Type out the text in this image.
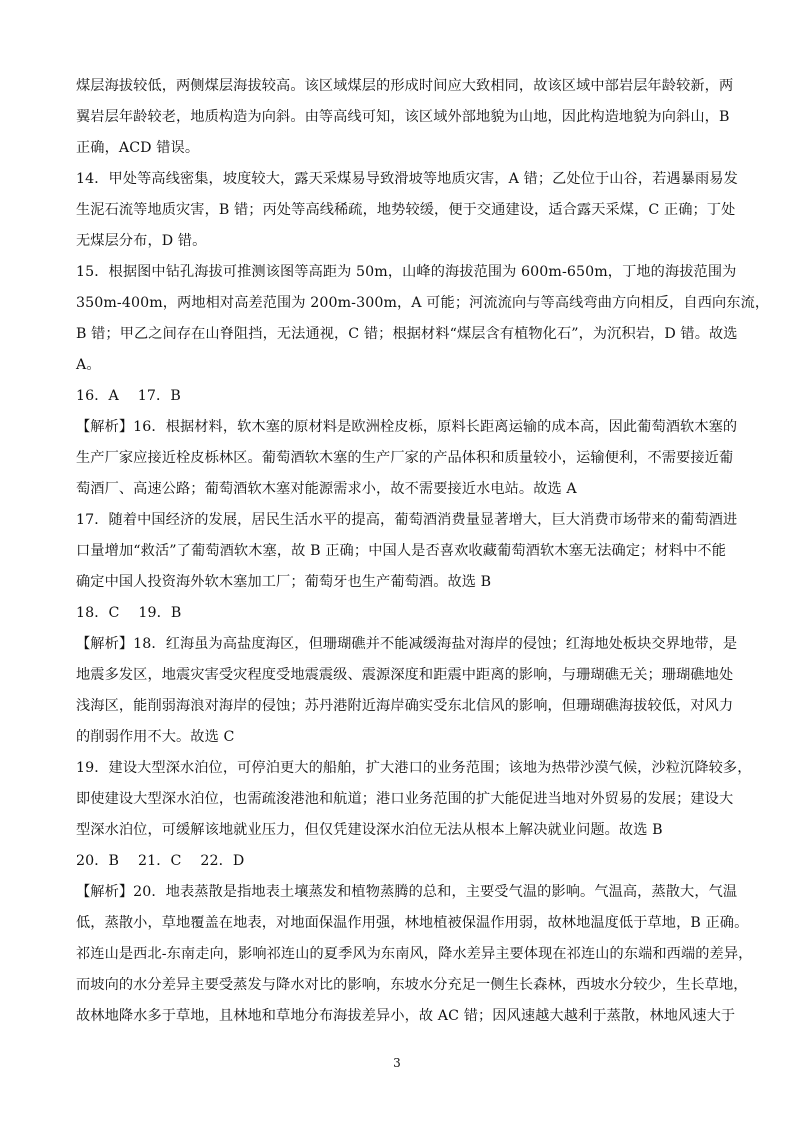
煤层海拔较低，两侧煤层海拔较高。该区域煤层的形成时间应大致相同，故该区域中部岩层年龄较新，两
翼岩层年龄较老，地质构造为向斜。由等高线可知，该区域外部地貌为山地，因此构造地貌为向斜山，B
正确，ACD 错误。
14．甲处等高线密集，坡度较大，露天采煤易导致滑坡等地质灾害，A 错；乙处位于山谷，若遇暴雨易发
生泥石流等地质灾害，B 错；丙处等高线稀疏，地势较缓，便于交通建设，适合露天采煤，C 正确；丁处
无煤层分布，D 错。
15．根据图中钻孔海拔可推测该图等高距为 50m，山峰的海拔范围为 600m-650m，丁地的海拔范围为
350m-400m，两地相对高差范围为 200m-300m，A 可能；河流流向与等高线弯曲方向相反，自西向东流，
B 错；甲乙之间存在山脊阻挡，无法通视，C 错；根据材料“煤层含有植物化石”，为沉积岩，D 错。故选
A。
16．A　 17．B
【解析】16．根据材料，软木塞的原材料是欧洲栓皮栎，原料长距离运输的成本高，因此葡萄酒软木塞的
生产厂家应接近栓皮栎林区。葡萄酒软木塞的生产厂家的产品体积和质量较小，运输便利，不需要接近葡
萄酒厂、高速公路；葡萄酒软木塞对能源需求小，故不需要接近水电站。故选 A
17．随着中国经济的发展，居民生活水平的提高，葡萄酒消费量显著增大，巨大消费市场带来的葡萄酒进
口量增加“救活”了葡萄酒软木塞，故 B 正确；中国人是否喜欢收藏葡萄酒软木塞无法确定；材料中不能
确定中国人投资海外软木塞加工厂；葡萄牙也生产葡萄酒。故选 B
18．C　 19．B
【解析】18．红海虽为高盐度海区，但珊瑚礁并不能减缓海盐对海岸的侵蚀；红海地处板块交界地带，是
地震多发区，地震灾害受灾程度受地震震级、震源深度和距震中距离的影响，与珊瑚礁无关；珊瑚礁地处
浅海区，能削弱海浪对海岸的侵蚀；苏丹港附近海岸确实受东北信风的影响，但珊瑚礁海拔较低，对风力
的削弱作用不大。故选 C
19．建设大型深水泊位，可停泊更大的船舶，扩大港口的业务范围；该地为热带沙漠气候，沙粒沉降较多，
即使建设大型深水泊位，也需疏浚港池和航道；港口业务范围的扩大能促进当地对外贸易的发展；建设大
型深水泊位，可缓解该地就业压力，但仅凭建设深水泊位无法从根本上解决就业问题。故选 B
20．B　 21．C　 22．D
【解析】20．地表蒸散是指地表土壤蒸发和植物蒸腾的总和，主要受气温的影响。气温高，蒸散大，气温
低，蒸散小，草地覆盖在地表，对地面保温作用强，林地植被保温作用弱，故林地温度低于草地，B 正确。
祁连山是西北-东南走向，影响祁连山的夏季风为东南风，降水差异主要体现在祁连山的东端和西端的差异，
而坡向的水分差异主要受蒸发与降水对比的影响，东坡水分充足一侧生长森林，西坡水分较少，生长草地，
故林地降水多于草地，且林地和草地分布海拔差异小，故 AC 错；因风速越大越利于蒸散，林地风速大于
3
